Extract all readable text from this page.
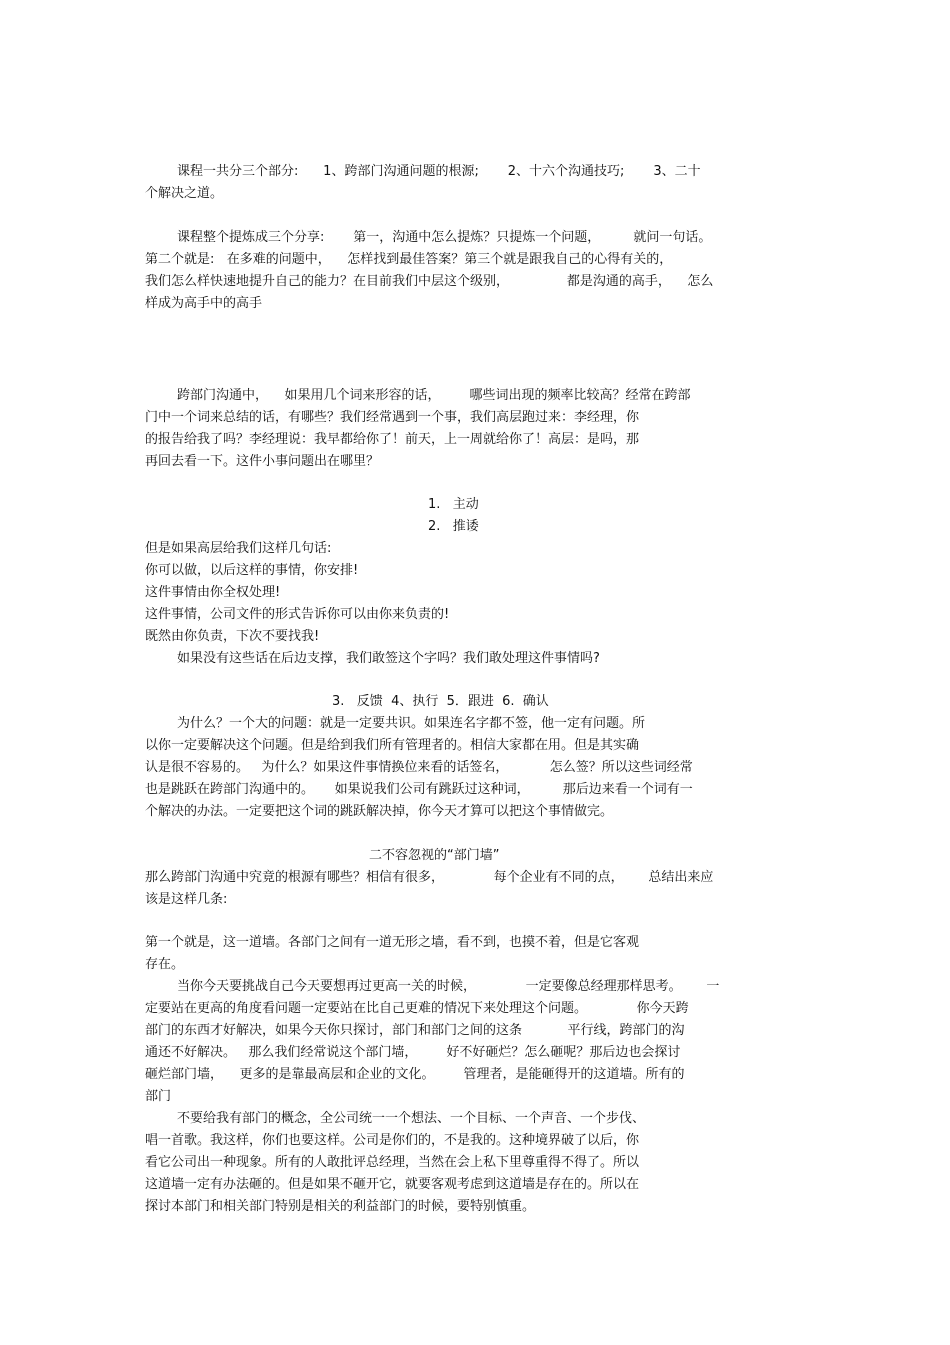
课程一共分三个部分:      1、跨部门沟通问题的根源;       2、十六个沟通技巧;       3、二十
个解决之道。
课程整个提炼成三个分享:       第一，沟通中怎么提炼？只提炼一个问题，        就问一句话。
第二个就是:   在多难的问题中，    怎样找到最佳答案？第三个就是跟我自己的心得有关的，
我们怎么样快速地提升自己的能力？在目前我们中层这个级别，              都是沟通的高手，    怎么
样成为高手中的高手
跨部门沟通中，    如果用几个词来形容的话，       哪些词出现的频率比较高？经常在跨部
门中一个词来总结的话，有哪些？我们经常遇到一个事，我们高层跑过来：李经理，你
的报告给我了吗？李经理说：我早都给你了！前天，上一周就给你了！高层：是吗，那
再回去看一下。这件小事问题出在哪里？
1.   主动
2.   推诿
但是如果高层给我们这样几句话:
你可以做，以后这样的事情，你安排!
这件事情由你全权处理!
这件事情，公司文件的形式告诉你可以由你来负责的!
既然由你负责，下次不要找我!
如果没有这些话在后边支撑，我们敢签这个字吗？我们敢处理这件事情吗?
3.   反馈  4、执行  5．跟进  6.  确认
为什么？一个大的问题：就是一定要共识。如果连名字都不签，他一定有问题。所
以你一定要解决这个问题。但是给到我们所有管理者的。相信大家都在用。但是其实确
认是很不容易的。   为什么？如果这件事情换位来看的话签名，          怎么签？所以这些词经常
也是跳跃在跨部门沟通中的。     如果说我们公司有跳跃过这种词，        那后边来看一个词有一
个解决的办法。一定要把这个词的跳跃解决掉，你今天才算可以把这个事情做完。
二不容忽视的“部门墙”
那么跨部门沟通中究竟的根源有哪些？相信有很多，            每个企业有不同的点，      总结出来应
该是这样几条:
第一个就是，这一道墙。各部门之间有一道无形之墙，看不到，也摸不着，但是它客观
存在。
当你今天要挑战自己今天要想再过更高一关的时候，            一定要像总经理那样思考。      一
定要站在更高的角度看问题一定要站在比自己更难的情况下来处理这个问题。            你今天跨
部门的东西才好解决，如果今天你只探讨，部门和部门之间的这条           平行线，跨部门的沟
通还不好解决。   那么我们经常说这个部门墙，       好不好砸烂？怎么砸呢？那后边也会探讨
砸烂部门墙，    更多的是靠最高层和企业的文化。       管理者，是能砸得开的这道墙。所有的
部门
不要给我有部门的概念，全公司统一一个想法、一个目标、一个声音、一个步伐、
唱一首歌。我这样，你们也要这样。公司是你们的，不是我的。这种境界破了以后，你
看它公司出一种现象。所有的人敢批评总经理，当然在会上私下里尊重得不得了。所以
这道墙一定有办法砸的。但是如果不砸开它，就要客观考虑到这道墙是存在的。所以在
探讨本部门和相关部门特别是相关的利益部门的时候，要特别慎重。
